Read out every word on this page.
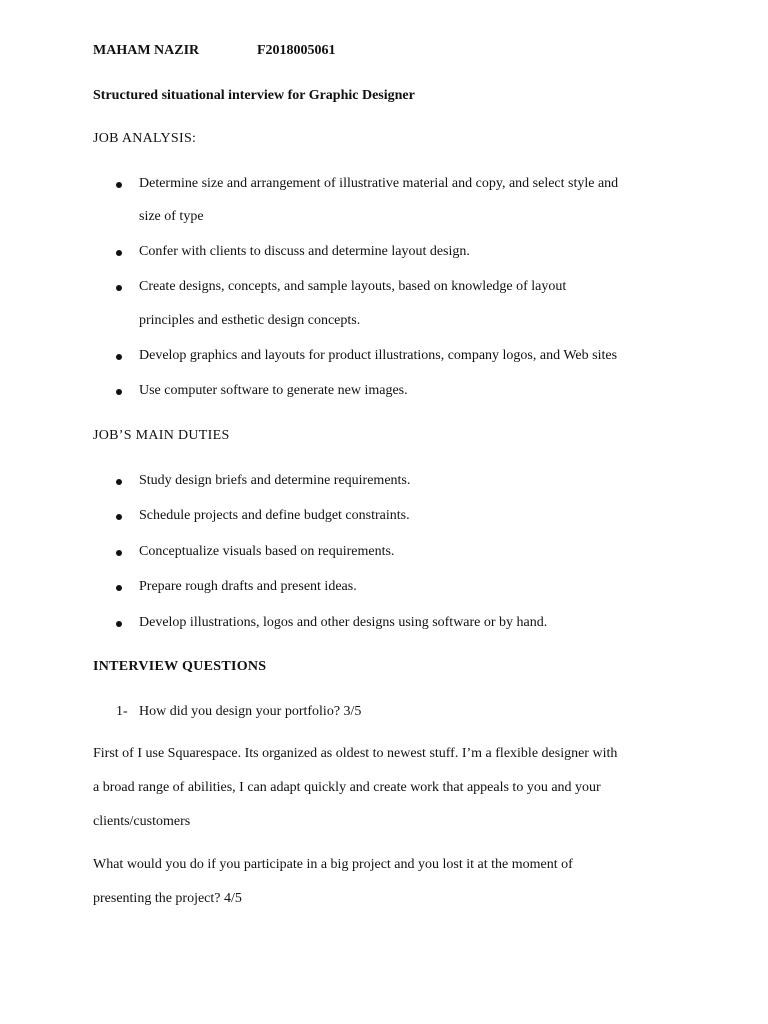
MAHAM NAZIR	F2018005061
Structured situational interview for Graphic Designer
JOB ANALYSIS:
Determine size and arrangement of illustrative material and copy, and select style and
size of type
Confer with clients to discuss and determine layout design.
Create designs, concepts, and sample layouts, based on knowledge of layout
principles and esthetic design concepts.
Develop graphics and layouts for product illustrations, company logos, and Web sites
Use computer software to generate new images.
JOB’S MAIN DUTIES
Study design briefs and determine requirements.
Schedule projects and define budget constraints.
Conceptualize visuals based on requirements.
Prepare rough drafts and present ideas.
Develop illustrations, logos and other designs using software or by hand.
INTERVIEW QUESTIONS
1- How did you design your portfolio? 3/5
First of I use Squarespace. Its organized as oldest to newest stuff. I’m a flexible designer with
a broad range of abilities, I can adapt quickly and create work that appeals to you and your
clients/customers
What would you do if you participate in a big project and you lost it at the moment of
presenting the project? 4/5
